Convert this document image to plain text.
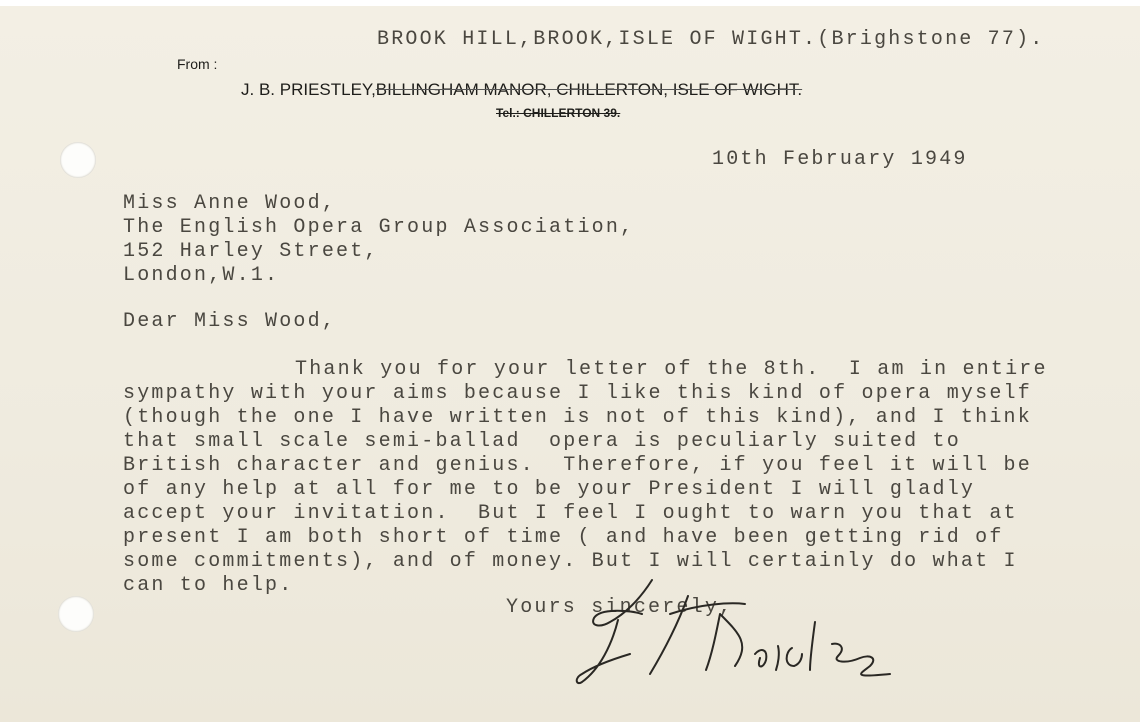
BROOK HILL,BROOK,ISLE OF WIGHT.(Brighstone 77).
From :
J. B. PRIESTLEY,BILLINGHAM MANOR, CHILLERTON, ISLE OF WIGHT.
Tel.: CHILLERTON 39.
10th February 1949
Miss Anne Wood,
The English Opera Group Association,
152 Harley Street,
London,W.1.
Dear Miss Wood,
Thank you for your letter of the 8th.  I am in entire
sympathy with your aims because I like this kind of opera myself
(though the one I have written is not of this kind), and I think
that small scale semi-ballad  opera is peculiarly suited to
British character and genius.  Therefore, if you feel it will be
of any help at all for me to be your President I will gladly
accept your invitation.  But I feel I ought to warn you that at
present I am both short of time ( and have been getting rid of
some commitments), and of money. But I will certainly do what I
can to help.
Yours sincerely,
